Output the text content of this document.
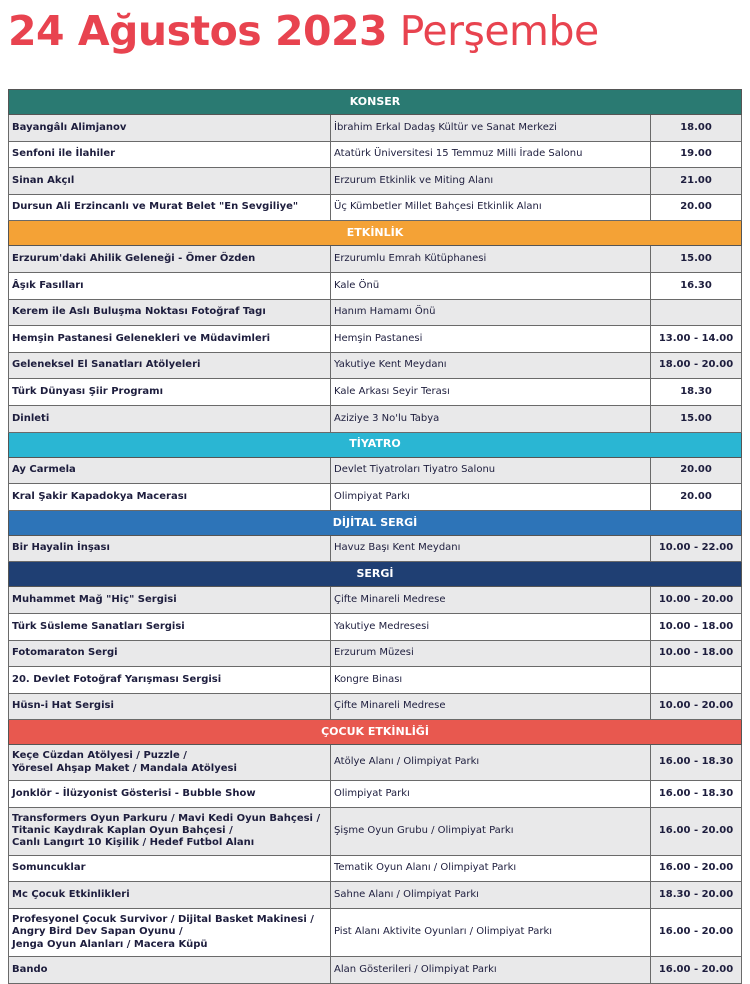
24 Ağustos 2023 Perşembe
KONSER		
Bayangâlı Alimjanov	İbrahim Erkal Dadaş Kültür ve Sanat Merkezi	18.00
Senfoni ile İlahiler	Atatürk Üniversitesi 15 Temmuz Milli İrade Salonu	19.00
Sinan Akçıl	Erzurum Etkinlik ve Miting Alanı	21.00
Dursun Ali Erzincanlı ve Murat Belet "En Sevgiliye"	Üç Kümbetler Millet Bahçesi Etkinlik Alanı	20.00
ETKİNLİK		
Erzurum'daki Ahilik Geleneği - Ömer Özden	Erzurumlu Emrah Kütüphanesi	15.00
Âşık Fasılları	Kale Önü	16.30
Kerem ile Aslı Buluşma Noktası Fotoğraf Tagı	Hanım Hamamı Önü	
Hemşin Pastanesi Gelenekleri ve Müdavimleri	Hemşin Pastanesi	13.00 - 14.00
Geleneksel El Sanatları Atölyeleri	Yakutiye Kent Meydanı	18.00 - 20.00
Türk Dünyası Şiir Programı	Kale Arkası Seyir Terası	18.30
Dinleti	Aziziye 3 No'lu Tabya	15.00
TİYATRO		
Ay Carmela	Devlet Tiyatroları Tiyatro Salonu	20.00
Kral Şakir Kapadokya Macerası	Olimpiyat Parkı	20.00
DİJİTAL SERGİ		
Bir Hayalin İnşası	Havuz Başı Kent Meydanı	10.00 - 22.00
SERGİ		
Muhammet Mağ "Hiç" Sergisi	Çifte Minareli Medrese	10.00 - 20.00
Türk Süsleme Sanatları Sergisi	Yakutiye Medresesi	10.00 - 18.00
Fotomaraton Sergi	Erzurum Müzesi	10.00 - 18.00
20. Devlet Fotoğraf Yarışması Sergisi	Kongre Binası	
Hüsn-i Hat Sergisi	Çifte Minareli Medrese	10.00 - 20.00
ÇOCUK ETKİNLİĞİ		
Keçe Cüzdan Atölyesi / Puzzle /
Yöresel Ahşap Maket / Mandala Atölyesi	Atölye Alanı / Olimpiyat Parkı	16.00 - 18.30
Jonklör - İlüzyonist Gösterisi - Bubble Show	Olimpiyat Parkı	16.00 - 18.30
Transformers Oyun Parkuru / Mavi Kedi Oyun Bahçesi /
Titanic Kaydırak Kaplan Oyun Bahçesi /
Canlı Langırt 10 Kişilik / Hedef Futbol Alanı	Şişme Oyun Grubu / Olimpiyat Parkı	16.00 - 20.00
Somuncuklar	Tematik Oyun Alanı / Olimpiyat Parkı	16.00 - 20.00
Mc Çocuk Etkinlikleri	Sahne Alanı / Olimpiyat Parkı	18.30 - 20.00
Profesyonel Çocuk Survivor / Dijital Basket Makinesi /
Angry Bird Dev Sapan Oyunu /
Jenga Oyun Alanları / Macera Küpü	Pist Alanı Aktivite Oyunları / Olimpiyat Parkı	16.00 - 20.00
Bando	Alan Gösterileri / Olimpiyat Parkı	16.00 - 20.00
